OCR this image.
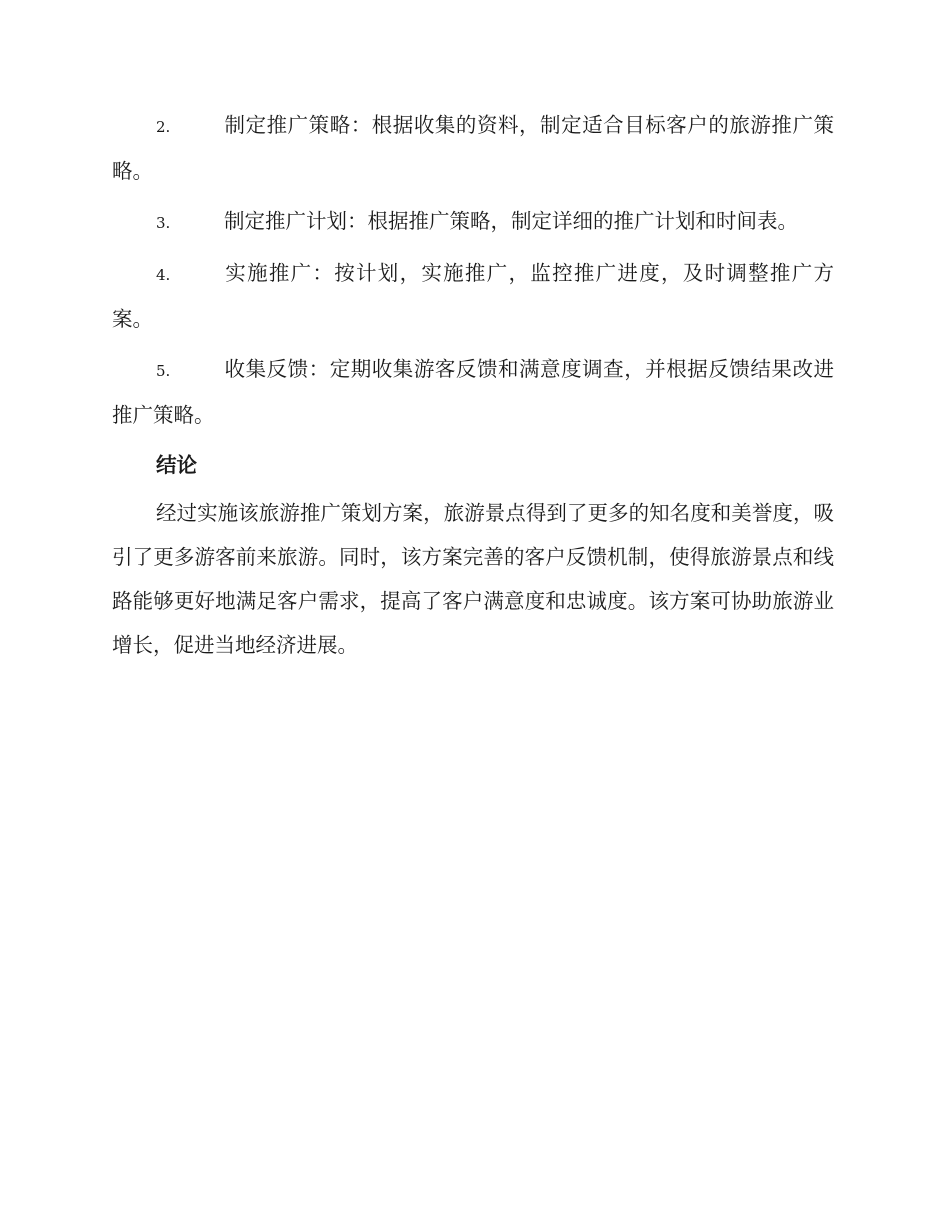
2.	制定推广策略：根据收集的资料，制定适合目标客户的旅游推广策略。

3.	制定推广计划：根据推广策略，制定详细的推广计划和时间表。

4.	实施推广：按计划，实施推广，监控推广进度，及时调整推广方案。

5.	收集反馈：定期收集游客反馈和满意度调查，并根据反馈结果改进推广策略。

结论

经过实施该旅游推广策划方案，旅游景点得到了更多的知名度和美誉度，吸引了更多游客前来旅游。同时，该方案完善的客户反馈机制，使得旅游景点和线路能够更好地满足客户需求，提高了客户满意度和忠诚度。该方案可协助旅游业增长，促进当地经济进展。
